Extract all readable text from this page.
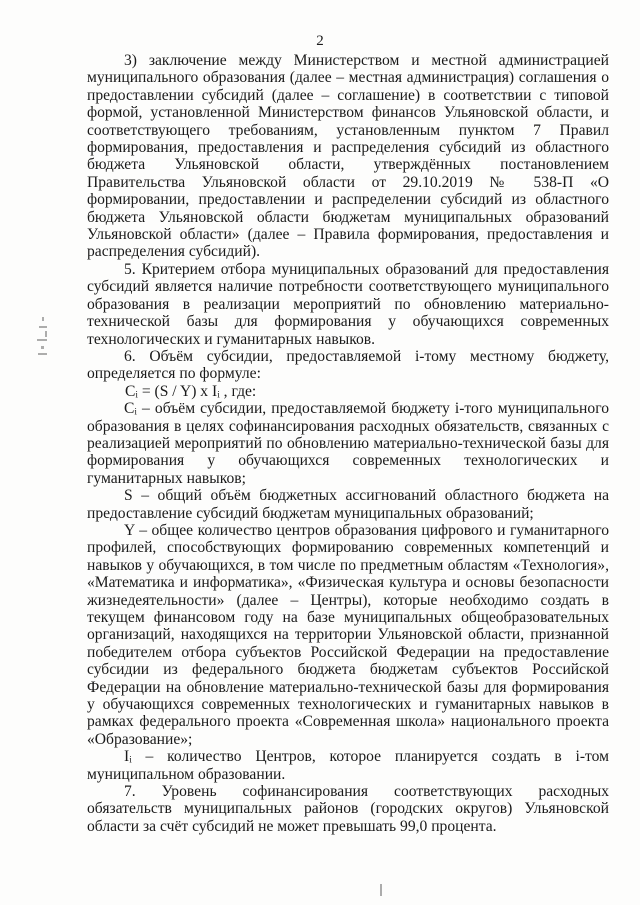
2

3) заключение между Министерством и местной администрацией муниципального образования (далее – местная администрация) соглашения о предоставлении субсидий (далее – соглашение) в соответствии с типовой формой, установленной Министерством финансов Ульяновской области, и соответствующего требованиям, установленным пунктом 7 Правил формирования, предоставления и распределения субсидий из областного бюджета Ульяновской области, утверждённых постановлением Правительства Ульяновской области от 29.10.2019 № 538-П «О формировании, предоставлении и распределении субсидий из областного бюджета Ульяновской области бюджетам муниципальных образований Ульяновской области» (далее – Правила формирования, предоставления и распределения субсидий).

5. Критерием отбора муниципальных образований для предоставления субсидий является наличие потребности соответствующего муниципального образования в реализации мероприятий по обновлению материально-технической базы для формирования у обучающихся современных технологических и гуманитарных навыков.

6. Объём субсидии, предоставляемой i-тому местному бюджету, определяется по формуле:

Cᵢ = (S / Y) x Iᵢ , где:

Cᵢ – объём субсидии, предоставляемой бюджету i-того муниципального образования в целях софинансирования расходных обязательств, связанных с реализацией мероприятий по обновлению материально-технической базы для формирования у обучающихся современных технологических и гуманитарных навыков;

S – общий объём бюджетных ассигнований областного бюджета на предоставление субсидий бюджетам муниципальных образований;

Y – общее количество центров образования цифрового и гуманитарного профилей, способствующих формированию современных компетенций и навыков у обучающихся, в том числе по предметным областям «Технология», «Математика и информатика», «Физическая культура и основы безопасности жизнедеятельности» (далее – Центры), которые необходимо создать в текущем финансовом году на базе муниципальных общеобразовательных организаций, находящихся на территории Ульяновской области, признанной победителем отбора субъектов Российской Федерации на предоставление субсидии из федерального бюджета бюджетам субъектов Российской Федерации на обновление материально-технической базы для формирования у обучающихся современных технологических и гуманитарных навыков в рамках федерального проекта «Современная школа» национального проекта «Образование»;

Iᵢ – количество Центров, которое планируется создать в i-том муниципальном образовании.

7. Уровень софинансирования соответствующих расходных обязательств муниципальных районов (городских округов) Ульяновской области за счёт субсидий не может превышать 99,0 процента.
